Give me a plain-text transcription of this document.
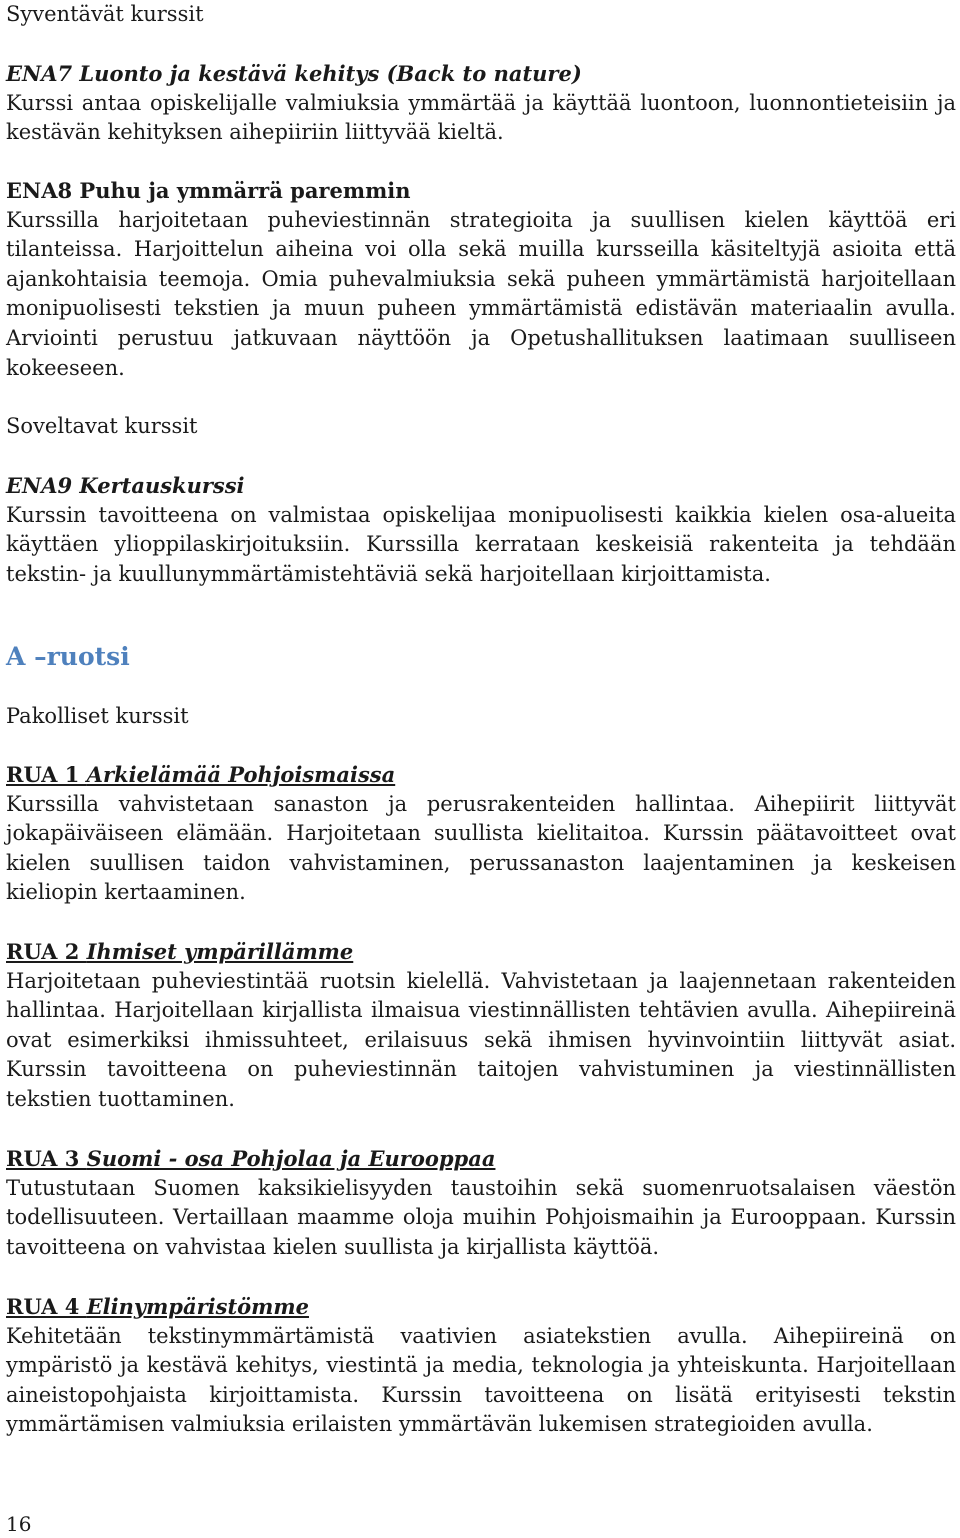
Syventävät kurssit
ENA7 Luonto ja kestävä kehitys (Back to nature)
Kurssi antaa opiskelijalle valmiuksia ymmärtää ja käyttää luontoon, luonnontieteisiin ja
kestävän kehityksen aihepiiriin liittyvää kieltä.
ENA8 Puhu ja ymmärrä paremmin
Kurssilla harjoitetaan puheviestinnän strategioita ja suullisen kielen käyttöä eri
tilanteissa. Harjoittelun aiheina voi olla sekä muilla kursseilla käsiteltyjä asioita että
ajankohtaisia teemoja. Omia puhevalmiuksia sekä puheen ymmärtämistä harjoitellaan
monipuolisesti tekstien ja muun puheen ymmärtämistä edistävän materiaalin avulla.
Arviointi perustuu jatkuvaan näyttöön ja Opetushallituksen laatimaan suulliseen
kokeeseen.
Soveltavat kurssit
ENA9 Kertauskurssi
Kurssin tavoitteena on valmistaa opiskelijaa monipuolisesti kaikkia kielen osa-alueita
käyttäen ylioppilaskirjoituksiin. Kurssilla kerrataan keskeisiä rakenteita ja tehdään
tekstin- ja kuullunymmärtämistehtäviä sekä harjoitellaan kirjoittamista.
A –ruotsi
Pakolliset kurssit
RUA 1 Arkielämää Pohjoismaissa
Kurssilla vahvistetaan sanaston ja perusrakenteiden hallintaa. Aihepiirit liittyvät
jokapäiväiseen elämään. Harjoitetaan suullista kielitaitoa. Kurssin päätavoitteet ovat
kielen suullisen taidon vahvistaminen, perussanaston laajentaminen ja keskeisen
kieliopin kertaaminen.
RUA 2 Ihmiset ympärillämme
Harjoitetaan puheviestintää ruotsin kielellä. Vahvistetaan ja laajennetaan rakenteiden
hallintaa. Harjoitellaan kirjallista ilmaisua viestinnällisten tehtävien avulla. Aihepiireinä
ovat esimerkiksi ihmissuhteet, erilaisuus sekä ihmisen hyvinvointiin liittyvät asiat.
Kurssin tavoitteena on puheviestinnän taitojen vahvistuminen ja viestinnällisten
tekstien tuottaminen.
RUA 3 Suomi - osa Pohjolaa ja Eurooppaa
Tutustutaan Suomen kaksikielisyyden taustoihin sekä suomenruotsalaisen väestön
todellisuuteen. Vertaillaan maamme oloja muihin Pohjoismaihin ja Eurooppaan. Kurssin
tavoitteena on vahvistaa kielen suullista ja kirjallista käyttöä.
RUA 4 Elinympäristömme
Kehitetään tekstinymmärtämistä vaativien asiatekstien avulla. Aihepiireinä on
ympäristö ja kestävä kehitys, viestintä ja media, teknologia ja yhteiskunta. Harjoitellaan
aineistopohjaista kirjoittamista. Kurssin tavoitteena on lisätä erityisesti tekstin
ymmärtämisen valmiuksia erilaisten ymmärtävän lukemisen strategioiden avulla.
16
